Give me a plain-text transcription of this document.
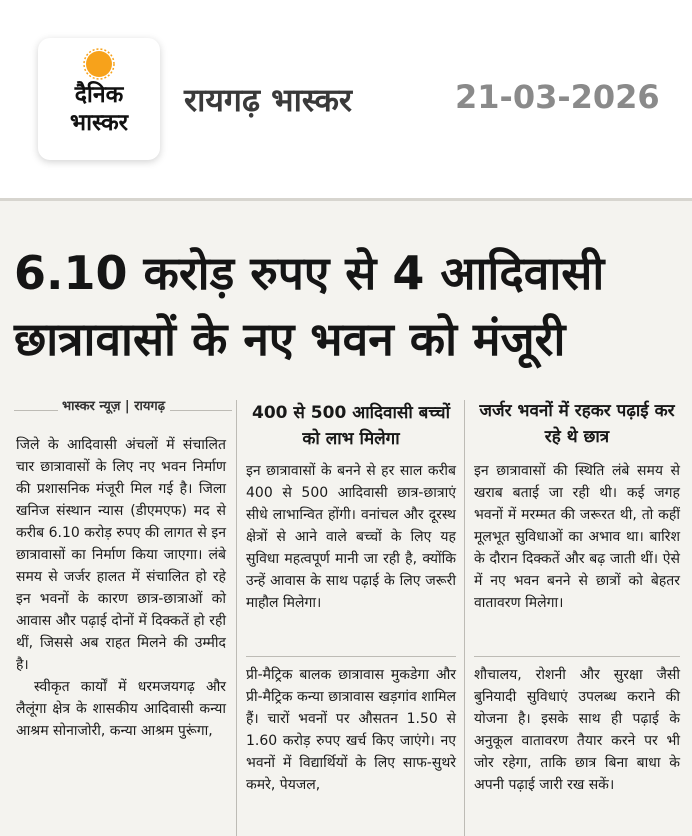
दैनिक
भास्कर
रायगढ़ भास्कर	21-03-2026
6.10 करोड़ रुपए से 4 आदिवासी
छात्रावासों के नए भवन को मंजूरी
भास्कर न्यूज़ | रायगढ़

जिले के आदिवासी अंचलों में संचालित चार छात्रावासों के लिए नए भवन निर्माण की प्रशासनिक मंजूरी मिल गई है। जिला खनिज संस्थान न्यास (डीएमएफ) मद से करीब 6.10 करोड़ रुपए की लागत से इन छात्रावासों का निर्माण किया जाएगा। लंबे समय से जर्जर हालत में संचालित हो रहे इन भवनों के कारण छात्र-छात्राओं को आवास और पढ़ाई दोनों में दिक्कतें हो रही थीं, जिससे अब राहत मिलने की उम्मीद है।

स्वीकृत कार्यों में धरमजयगढ़ और लैलूंगा क्षेत्र के शासकीय आदिवासी कन्या आश्रम सोनाजोरी, कन्या आश्रम पुरूंगा,

400 से 500 आदिवासी बच्चों को लाभ मिलेगा

इन छात्रावासों के बनने से हर साल करीब 400 से 500 आदिवासी छात्र-छात्राएं सीधे लाभान्वित होंगी। वनांचल और दूरस्थ क्षेत्रों से आने वाले बच्चों के लिए यह सुविधा महत्वपूर्ण मानी जा रही है, क्योंकि उन्हें आवास के साथ पढ़ाई के लिए जरूरी माहौल मिलेगा।

प्री-मैट्रिक बालक छात्रावास मुकडेगा और प्री-मैट्रिक कन्या छात्रावास खड़गांव शामिल हैं। चारों भवनों पर औसतन 1.50 से 1.60 करोड़ रुपए खर्च किए जाएंगे। नए भवनों में विद्यार्थियों के लिए साफ-सुथरे कमरे, पेयजल,

जर्जर भवनों में रहकर पढ़ाई कर रहे थे छात्र

इन छात्रावासों की स्थिति लंबे समय से खराब बताई जा रही थी। कई जगह भवनों में मरम्मत की जरूरत थी, तो कहीं मूलभूत सुविधाओं का अभाव था। बारिश के दौरान दिक्कतें और बढ़ जाती थीं। ऐसे में नए भवन बनने से छात्रों को बेहतर वातावरण मिलेगा।

शौचालय, रोशनी और सुरक्षा जैसी बुनियादी सुविधाएं उपलब्ध कराने की योजना है। इसके साथ ही पढ़ाई के अनुकूल वातावरण तैयार करने पर भी जोर रहेगा, ताकि छात्र बिना बाधा के अपनी पढ़ाई जारी रख सकें।
